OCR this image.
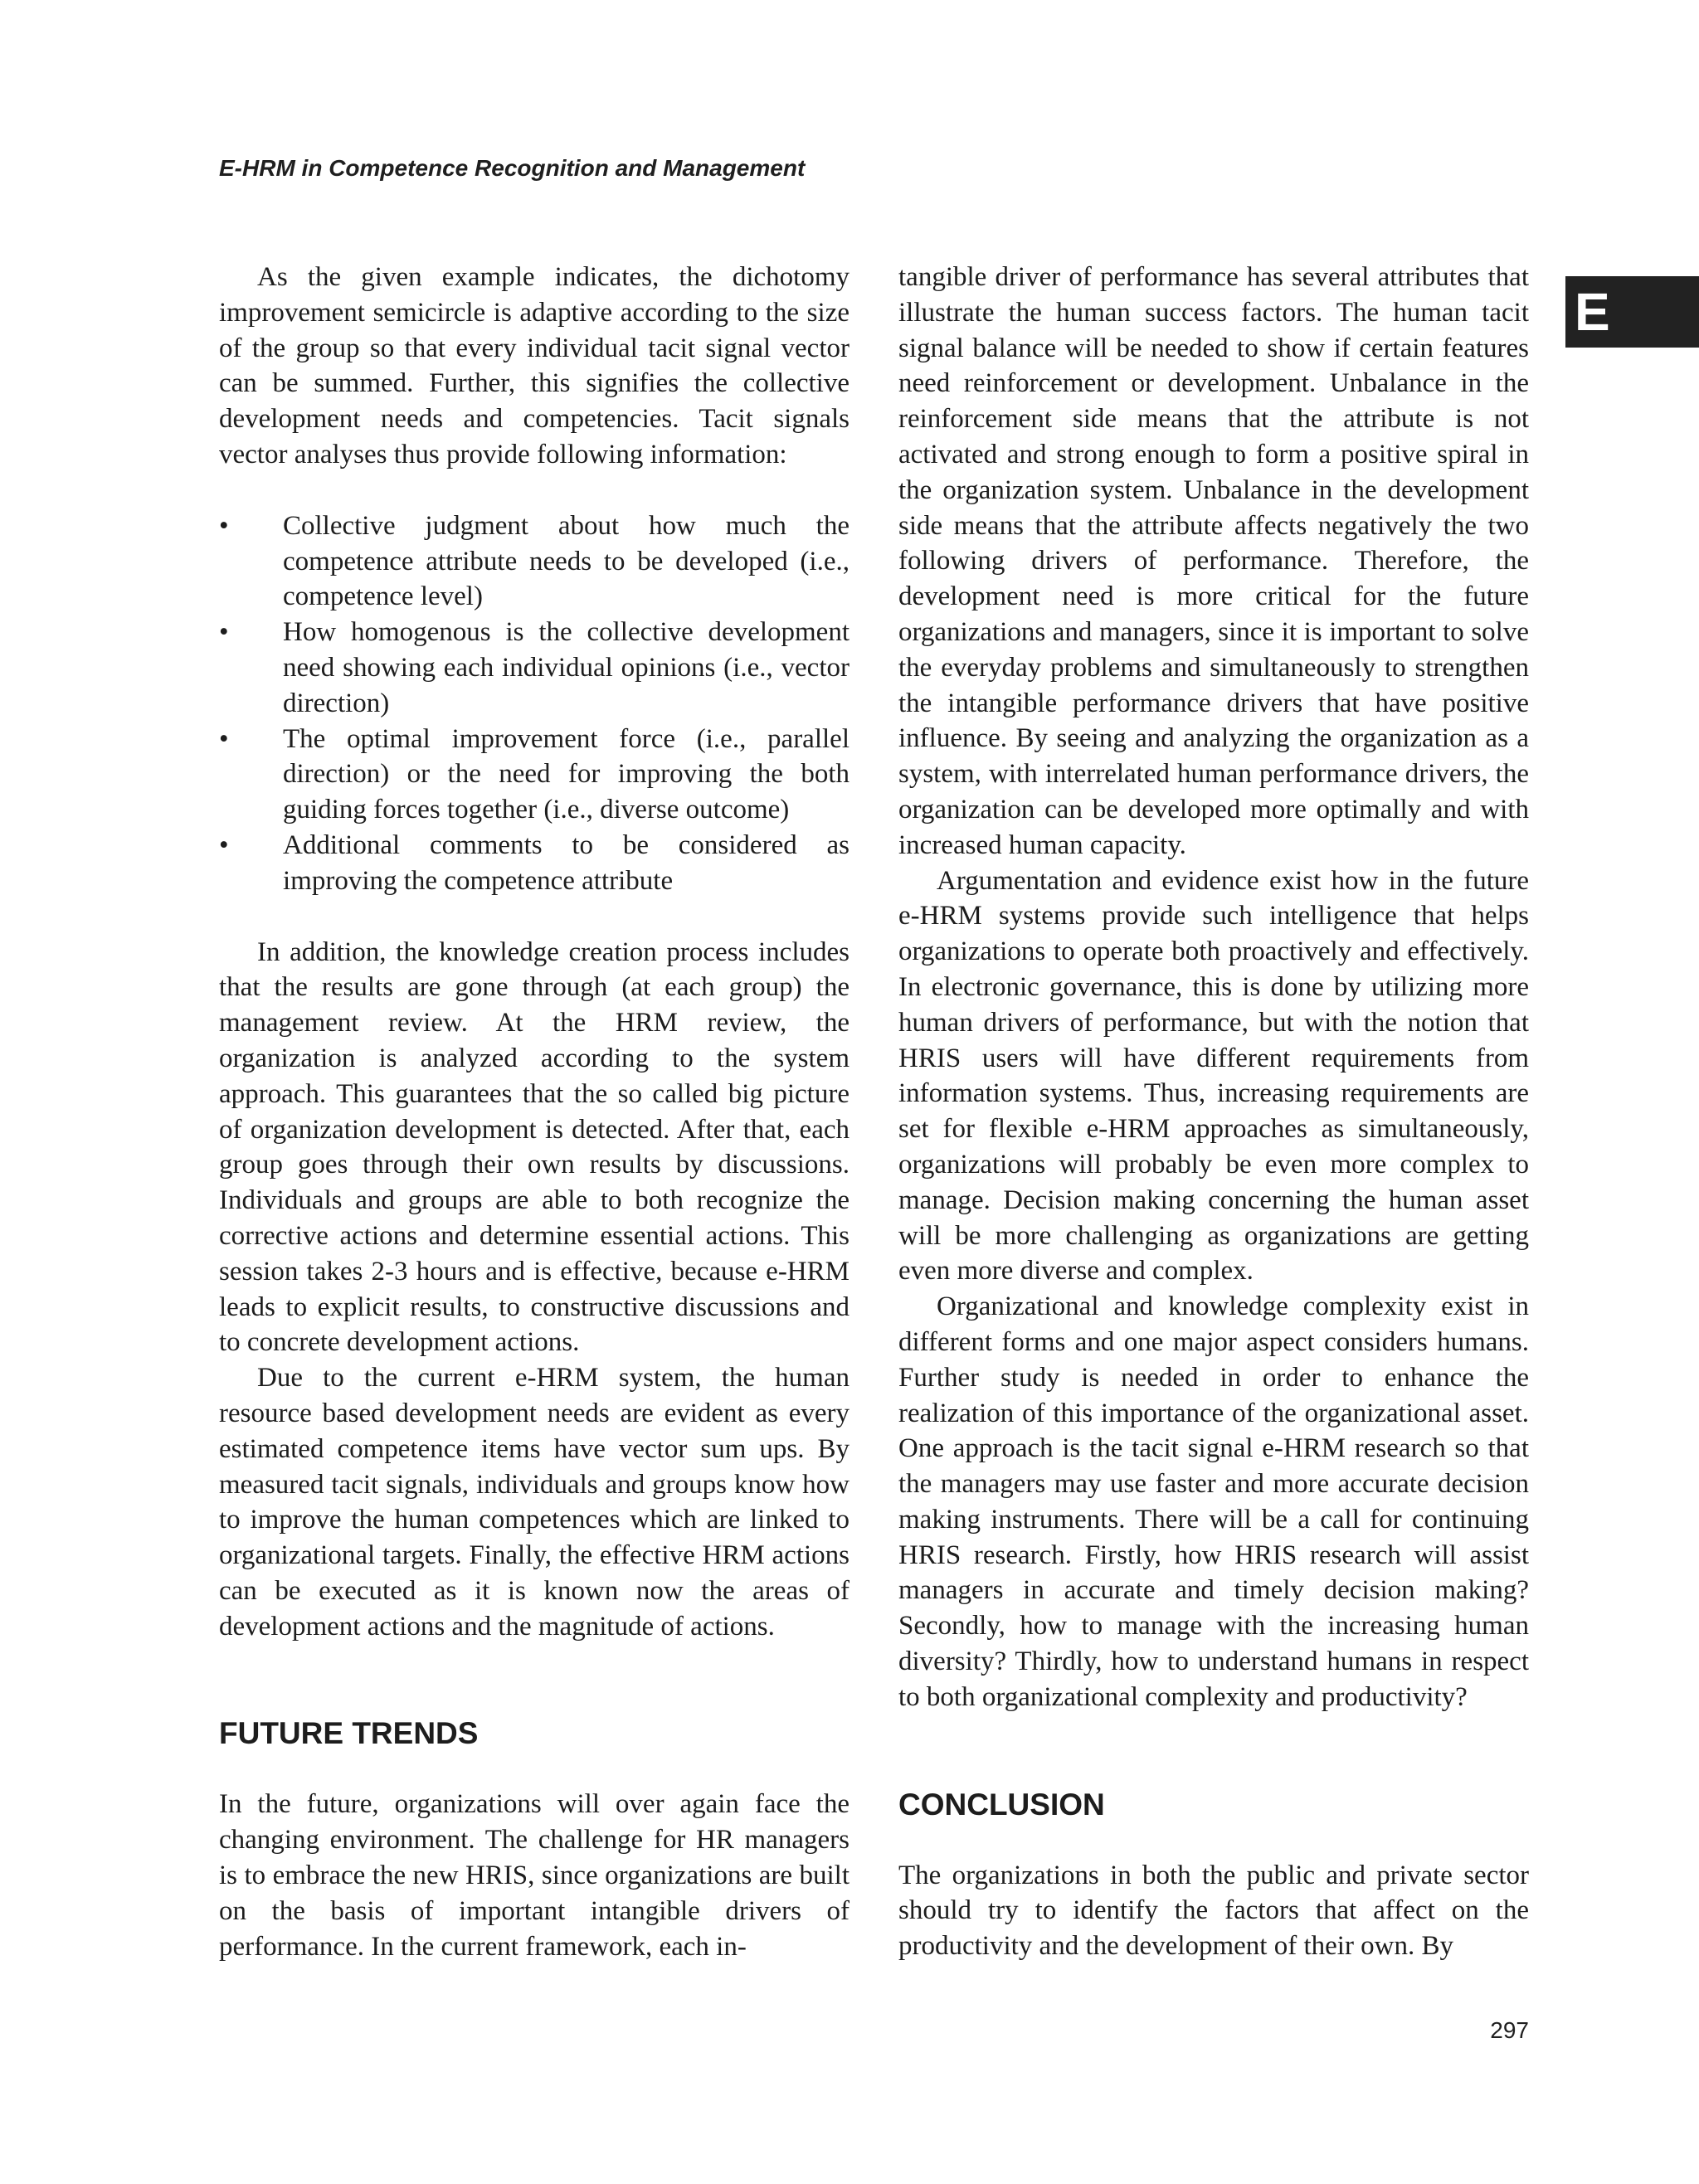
E-HRM in Competence Recognition and Management
E

As the given example indicates, the dichotomy improvement semicircle is adaptive according to the size of the group so that every individual tacit signal vector can be summed. Further, this signifies the collective development needs and competencies. Tacit signals vector analyses thus provide following information:

• Collective judgment about how much the competence attribute needs to be developed (i.e., competence level)
• How homogenous is the collective development need showing each individual opinions (i.e., vector direction)
• The optimal improvement force (i.e., parallel direction) or the need for improving the both guiding forces together (i.e., diverse outcome)
• Additional comments to be considered as improving the competence attribute

In addition, the knowledge creation process includes that the results are gone through (at each group) the management review. At the HRM review, the organization is analyzed according to the system approach. This guarantees that the so called big picture of organization development is detected. After that, each group goes through their own results by discussions. Individuals and groups are able to both recognize the corrective actions and determine essential actions. This session takes 2-3 hours and is effective, because e-HRM leads to explicit results, to constructive discussions and to concrete development actions.

Due to the current e-HRM system, the human resource based development needs are evident as every estimated competence items have vector sum ups. By measured tacit signals, individuals and groups know how to improve the human competences which are linked to organizational targets. Finally, the effective HRM actions can be executed as it is known now the areas of development actions and the magnitude of actions.

FUTURE TRENDS

In the future, organizations will over again face the changing environment. The challenge for HR managers is to embrace the new HRIS, since organizations are built on the basis of important intangible drivers of performance. In the current framework, each in-

tangible driver of performance has several attributes that illustrate the human success factors. The human tacit signal balance will be needed to show if certain features need reinforcement or development. Unbalance in the reinforcement side means that the attribute is not activated and strong enough to form a positive spiral in the organization system. Unbalance in the development side means that the attribute affects negatively the two following drivers of performance. Therefore, the development need is more critical for the future organizations and managers, since it is important to solve the everyday problems and simultaneously to strengthen the intangible performance drivers that have positive influence. By seeing and analyzing the organization as a system, with interrelated human performance drivers, the organization can be developed more optimally and with increased human capacity.

Argumentation and evidence exist how in the future e-HRM systems provide such intelligence that helps organizations to operate both proactively and effectively. In electronic governance, this is done by utilizing more human drivers of performance, but with the notion that HRIS users will have different requirements from information systems. Thus, increasing requirements are set for flexible e-HRM approaches as simultaneously, organizations will probably be even more complex to manage. Decision making concerning the human asset will be more challenging as organizations are getting even more diverse and complex.

Organizational and knowledge complexity exist in different forms and one major aspect considers humans. Further study is needed in order to enhance the realization of this importance of the organizational asset. One approach is the tacit signal e-HRM research so that the managers may use faster and more accurate decision making instruments. There will be a call for continuing HRIS research. Firstly, how HRIS research will assist managers in accurate and timely decision making? Secondly, how to manage with the increasing human diversity? Thirdly, how to understand humans in respect to both organizational complexity and productivity?

CONCLUSION

The organizations in both the public and private sector should try to identify the factors that affect on the productivity and the development of their own. By

297
